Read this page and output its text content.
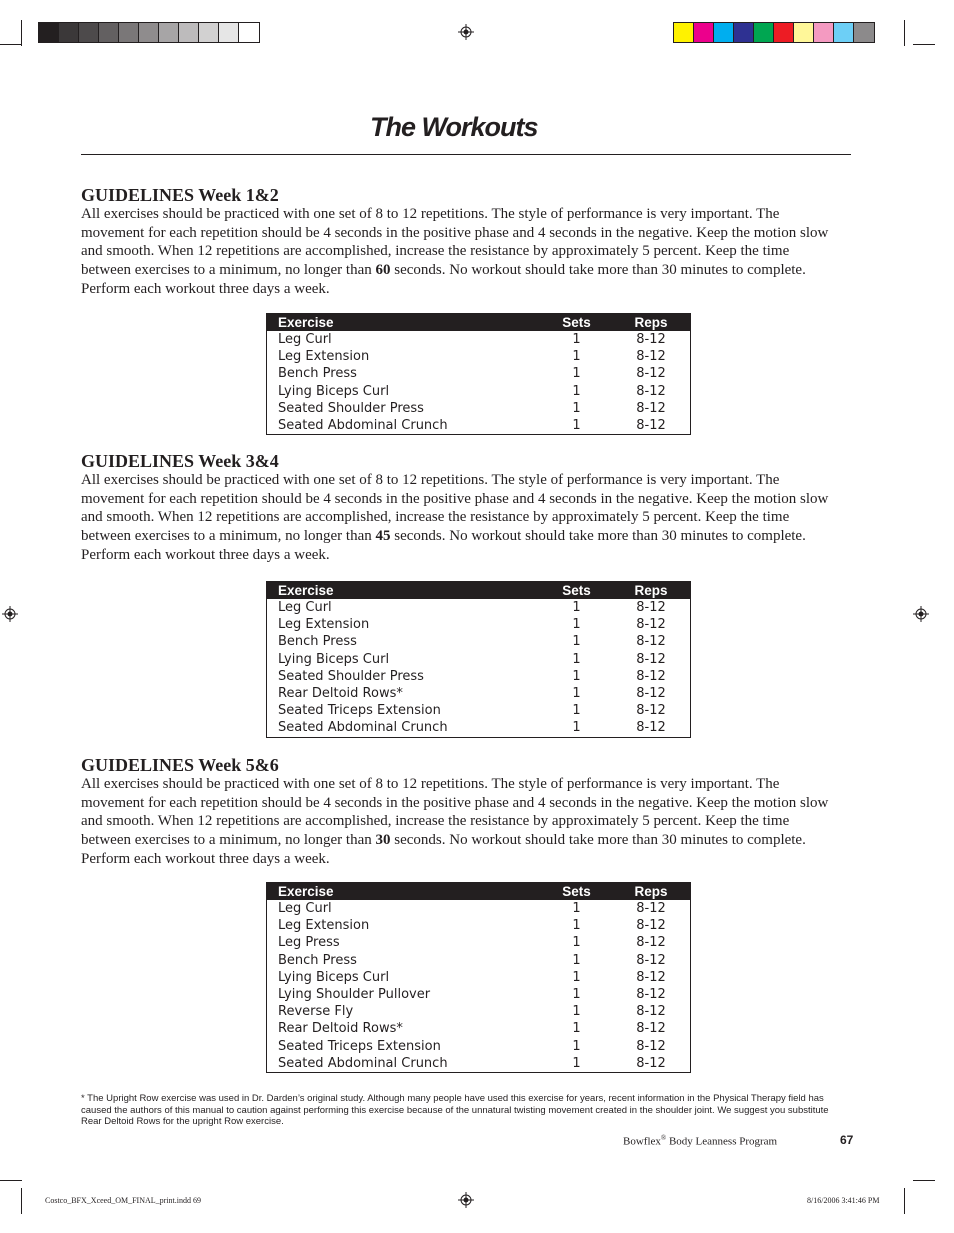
The Workouts
GUIDELINES Week 1&2

All exercises should be practiced with one set of 8 to 12 repetitions. The style of performance is very important. The movement for each repetition should be 4 seconds in the positive phase and 4 seconds in the negative. Keep the motion slow and smooth. When 12 repetitions are accomplished, increase the resistance by approximately 5 percent. Keep the time between exercises to a minimum, no longer than 60 seconds. No workout should take more than 30 minutes to complete. Perform each workout three days a week.

Exercise	Sets	Reps
Leg Curl	1	8-12
Leg Extension	1	8-12
Bench Press	1	8-12
Lying Biceps Curl	1	8-12
Seated Shoulder Press	1	8-12
Seated Abdominal Crunch	1	8-12
GUIDELINES Week 3&4

All exercises should be practiced with one set of 8 to 12 repetitions. The style of performance is very important. The movement for each repetition should be 4 seconds in the positive phase and 4 seconds in the negative. Keep the motion slow and smooth. When 12 repetitions are accomplished, increase the resistance by approximately 5 percent. Keep the time between exercises to a minimum, no longer than 45 seconds. No workout should take more than 30 minutes to complete. Perform each workout three days a week.

Exercise	Sets	Reps
Leg Curl	1	8-12
Leg Extension	1	8-12
Bench Press	1	8-12
Lying Biceps Curl	1	8-12
Seated Shoulder Press	1	8-12
Rear Deltoid Rows*	1	8-12
Seated Triceps Extension	1	8-12
Seated Abdominal Crunch	1	8-12
GUIDELINES Week 5&6

All exercises should be practiced with one set of 8 to 12 repetitions. The style of performance is very important. The movement for each repetition should be 4 seconds in the positive phase and 4 seconds in the negative. Keep the motion slow and smooth. When 12 repetitions are accomplished, increase the resistance by approximately 5 percent. Keep the time between exercises to a minimum, no longer than 30 seconds. No workout should take more than 30 minutes to complete. Perform each workout three days a week.

Exercise	Sets	Reps
Leg Curl	1	8-12
Leg Extension	1	8-12
Leg Press	1	8-12
Bench Press	1	8-12
Lying Biceps Curl	1	8-12
Lying Shoulder Pullover	1	8-12
Reverse Fly	1	8-12
Rear Deltoid Rows*	1	8-12
Seated Triceps Extension	1	8-12
Seated Abdominal Crunch	1	8-12

* The Upright Row exercise was used in Dr. Darden’s original study. Although many people have used this exercise for years, recent information in the Physical Therapy field has caused the authors of this manual to caution against performing this exercise because of the unnatural twisting movement created in the shoulder joint. We suggest you substitute Rear Deltoid Rows for the upright Row exercise.

Bowflex® Body Leanness Program	67
Costco_BFX_Xceed_OM_FINAL_print.indd 69	8/16/2006 3:41:46 PM
